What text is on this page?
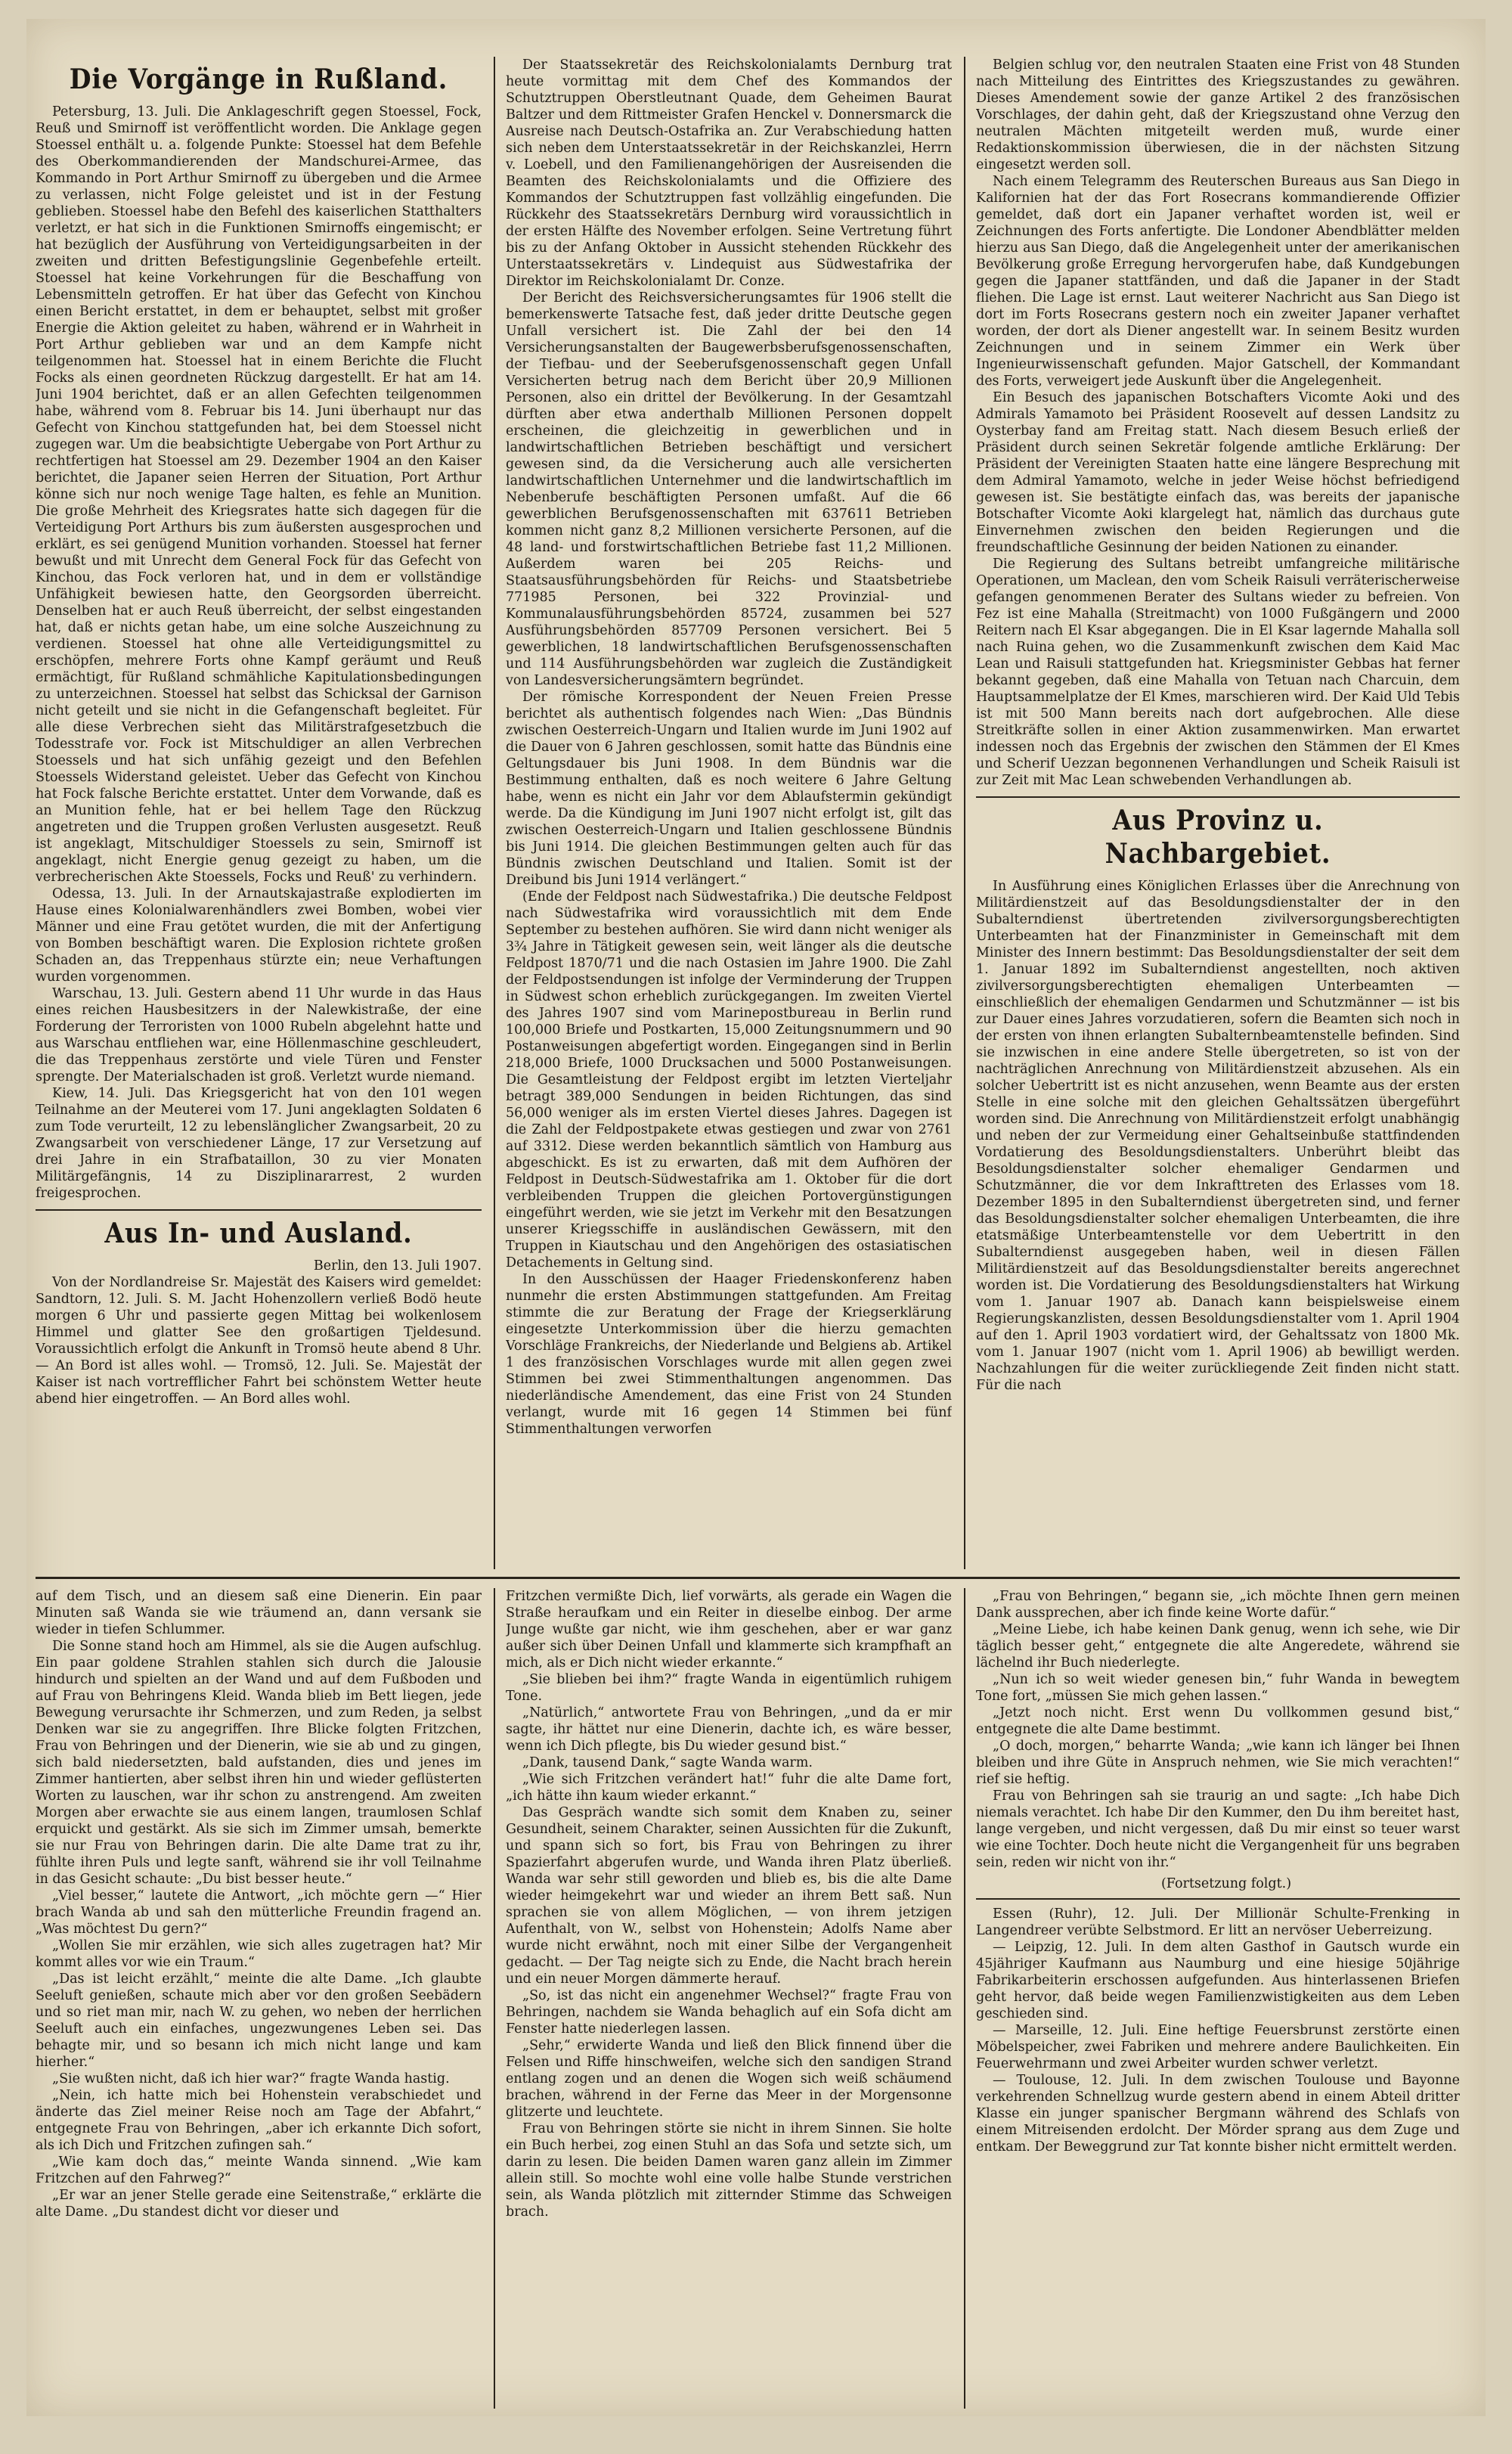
Die Vorgänge in Rußland.

Petersburg, 13. Juli. Die Anklageschrift gegen Stoessel, Fock, Reuß und Smirnoff ist veröffentlicht worden. Die Anklage gegen Stoessel enthält u. a. folgende Punkte: Stoessel hat dem Befehle des Oberkommandierenden der Mandschurei-Armee, das Kommando in Port Arthur Smirnoff zu übergeben und die Armee zu verlassen, nicht Folge geleistet und ist in der Festung geblieben. Stoessel habe den Befehl des kaiserlichen Statthalters verletzt, er hat sich in die Funktionen Smirnoffs eingemischt; er hat bezüglich der Ausführung von Verteidigungsarbeiten in der zweiten und dritten Befestigungslinie Gegenbefehle erteilt. Stoessel hat keine Vorkehrungen für die Beschaffung von Lebensmitteln getroffen. Er hat über das Gefecht von Kinchou einen Bericht erstattet, in dem er behauptet, selbst mit großer Energie die Aktion geleitet zu haben, während er in Wahrheit in Port Arthur geblieben war und an dem Kampfe nicht teilgenommen hat. Stoessel hat in einem Berichte die Flucht Focks als einen geordneten Rückzug dargestellt. Er hat am 14. Juni 1904 berichtet, daß er an allen Gefechten teilgenommen habe, während vom 8. Februar bis 14. Juni überhaupt nur das Gefecht von Kinchou stattgefunden hat, bei dem Stoessel nicht zugegen war. Um die beabsichtigte Uebergabe von Port Arthur zu rechtfertigen hat Stoessel am 29. Dezember 1904 an den Kaiser berichtet, die Japaner seien Herren der Situation, Port Arthur könne sich nur noch wenige Tage halten, es fehle an Munition. Die große Mehrheit des Kriegsrates hatte sich dagegen für die Verteidigung Port Arthurs bis zum äußersten ausgesprochen und erklärt, es sei genügend Munition vorhanden. Stoessel hat ferner bewußt und mit Unrecht dem General Fock für das Gefecht von Kinchou, das Fock verloren hat, und in dem er vollständige Unfähigkeit bewiesen hatte, den Georgsorden überreicht. Denselben hat er auch Reuß überreicht, der selbst eingestanden hat, daß er nichts getan habe, um eine solche Auszeichnung zu verdienen. Stoessel hat ohne alle Verteidigungsmittel zu erschöpfen, mehrere Forts ohne Kampf geräumt und Reuß ermächtigt, für Rußland schmähliche Kapitulationsbedingungen zu unterzeichnen. Stoessel hat selbst das Schicksal der Garnison nicht geteilt und sie nicht in die Gefangenschaft begleitet. Für alle diese Verbrechen sieht das Militärstrafgesetzbuch die Todesstrafe vor. Fock ist Mitschuldiger an allen Verbrechen Stoessels und hat sich unfähig gezeigt und den Befehlen Stoessels Widerstand geleistet. Ueber das Gefecht von Kinchou hat Fock falsche Berichte erstattet. Unter dem Vorwande, daß es an Munition fehle, hat er bei hellem Tage den Rückzug angetreten und die Truppen großen Verlusten ausgesetzt. Reuß ist angeklagt, Mitschuldiger Stoessels zu sein, Smirnoff ist angeklagt, nicht Energie genug gezeigt zu haben, um die verbrecherischen Akte Stoessels, Focks und Reuß' zu verhindern.

Odessa, 13. Juli. In der Arnautskajastraße explodierten im Hause eines Kolonialwarenhändlers zwei Bomben, wobei vier Männer und eine Frau getötet wurden, die mit der Anfertigung von Bomben beschäftigt waren. Die Explosion richtete großen Schaden an, das Treppenhaus stürzte ein; neue Verhaftungen wurden vorgenommen.

Warschau, 13. Juli. Gestern abend 11 Uhr wurde in das Haus eines reichen Hausbesitzers in der Nalewkistraße, der eine Forderung der Terroristen von 1000 Rubeln abgelehnt hatte und aus Warschau entfliehen war, eine Höllenmaschine geschleudert, die das Treppenhaus zerstörte und viele Türen und Fenster sprengte. Der Materialschaden ist groß. Verletzt wurde niemand.

Kiew, 14. Juli. Das Kriegsgericht hat von den 101 wegen Teilnahme an der Meuterei vom 17. Juni angeklagten Soldaten 6 zum Tode verurteilt, 12 zu lebenslänglicher Zwangsarbeit, 20 zu Zwangsarbeit von verschiedener Länge, 17 zur Versetzung auf drei Jahre in ein Strafbataillon, 30 zu vier Monaten Militärgefängnis, 14 zu Disziplinararrest, 2 wurden freigesprochen.

Aus In- und Ausland.

Berlin, den 13. Juli 1907.

Von der Nordlandreise Sr. Majestät des Kaisers wird gemeldet: Sandtorn, 12. Juli. S. M. Jacht Hohenzollern verließ Bodö heute morgen 6 Uhr und passierte gegen Mittag bei wolkenlosem Himmel und glatter See den großartigen Tjeldesund. Voraussichtlich erfolgt die Ankunft in Tromsö heute abend 8 Uhr. — An Bord ist alles wohl. — Tromsö, 12. Juli. Se. Majestät der Kaiser ist nach vortrefflicher Fahrt bei schönstem Wetter heute abend hier eingetroffen. — An Bord alles wohl.

Der Staatssekretär des Reichskolonialamts Dernburg trat heute vormittag mit dem Chef des Kommandos der Schutztruppen Oberstleutnant Quade, dem Geheimen Baurat Baltzer und dem Rittmeister Grafen Henckel v. Donnersmarck die Ausreise nach Deutsch-Ostafrika an. Zur Verabschiedung hatten sich neben dem Unterstaatssekretär in der Reichskanzlei, Herrn v. Loebell, und den Familienangehörigen der Ausreisenden die Beamten des Reichskolonialamts und die Offiziere des Kommandos der Schutztruppen fast vollzählig eingefunden. Die Rückkehr des Staatssekretärs Dernburg wird voraussichtlich in der ersten Hälfte des November erfolgen. Seine Vertretung führt bis zu der Anfang Oktober in Aussicht stehenden Rückkehr des Unterstaatssekretärs v. Lindequist aus Südwestafrika der Direktor im Reichskolonialamt Dr. Conze.

Der Bericht des Reichsversicherungsamtes für 1906 stellt die bemerkenswerte Tatsache fest, daß jeder dritte Deutsche gegen Unfall versichert ist. Die Zahl der bei den 14 Versicherungsanstalten der Baugewerbsberufsgenossenschaften, der Tiefbau- und der Seeberufsgenossenschaft gegen Unfall Versicherten betrug nach dem Bericht über 20,9 Millionen Personen, also ein drittel der Bevölkerung. In der Gesamtzahl dürften aber etwa anderthalb Millionen Personen doppelt erscheinen, die gleichzeitig in gewerblichen und in landwirtschaftlichen Betrieben beschäftigt und versichert gewesen sind, da die Versicherung auch alle versicherten landwirtschaftlichen Unternehmer und die landwirtschaftlich im Nebenberufe beschäftigten Personen umfaßt. Auf die 66 gewerblichen Berufsgenossenschaften mit 637611 Betrieben kommen nicht ganz 8,2 Millionen versicherte Personen, auf die 48 land- und forstwirtschaftlichen Betriebe fast 11,2 Millionen. Außerdem waren bei 205 Reichs- und Staatsausführungsbehörden für Reichs- und Staatsbetriebe 771985 Personen, bei 322 Provinzial- und Kommunalausführungsbehörden 85724, zusammen bei 527 Ausführungsbehörden 857709 Personen versichert. Bei 5 gewerblichen, 18 landwirtschaftlichen Berufsgenossenschaften und 114 Ausführungsbehörden war zugleich die Zuständigkeit von Landesversicherungsämtern begründet.

Der römische Korrespondent der Neuen Freien Presse berichtet als authentisch folgendes nach Wien: „Das Bündnis zwischen Oesterreich-Ungarn und Italien wurde im Juni 1902 auf die Dauer von 6 Jahren geschlossen, somit hatte das Bündnis eine Geltungsdauer bis Juni 1908. In dem Bündnis war die Bestimmung enthalten, daß es noch weitere 6 Jahre Geltung habe, wenn es nicht ein Jahr vor dem Ablaufstermin gekündigt werde. Da die Kündigung im Juni 1907 nicht erfolgt ist, gilt das zwischen Oesterreich-Ungarn und Italien geschlossene Bündnis bis Juni 1914. Die gleichen Bestimmungen gelten auch für das Bündnis zwischen Deutschland und Italien. Somit ist der Dreibund bis Juni 1914 verlängert.“

(Ende der Feldpost nach Südwestafrika.) Die deutsche Feldpost nach Südwestafrika wird voraussichtlich mit dem Ende September zu bestehen aufhören. Sie wird dann nicht weniger als 3¾ Jahre in Tätigkeit gewesen sein, weit länger als die deutsche Feldpost 1870/71 und die nach Ostasien im Jahre 1900. Die Zahl der Feldpostsendungen ist infolge der Verminderung der Truppen in Südwest schon erheblich zurückgegangen. Im zweiten Viertel des Jahres 1907 sind vom Marinepostbureau in Berlin rund 100,000 Briefe und Postkarten, 15,000 Zeitungsnummern und 90 Postanweisungen abgefertigt worden. Eingegangen sind in Berlin 218,000 Briefe, 1000 Drucksachen und 5000 Postanweisungen. Die Gesamtleistung der Feldpost ergibt im letzten Vierteljahr betragt 389,000 Sendungen in beiden Richtungen, das sind 56,000 weniger als im ersten Viertel dieses Jahres. Dagegen ist die Zahl der Feldpostpakete etwas gestiegen und zwar von 2761 auf 3312. Diese werden bekanntlich sämtlich von Hamburg aus abgeschickt. Es ist zu erwarten, daß mit dem Aufhören der Feldpost in Deutsch-Südwestafrika am 1. Oktober für die dort verbleibenden Truppen die gleichen Portovergünstigungen eingeführt werden, wie sie jetzt im Verkehr mit den Besatzungen unserer Kriegsschiffe in ausländischen Gewässern, mit den Truppen in Kiautschau und den Angehörigen des ostasiatischen Detachements in Geltung sind.

In den Ausschüssen der Haager Friedenskonferenz haben nunmehr die ersten Abstimmungen stattgefunden. Am Freitag stimmte die zur Beratung der Frage der Kriegserklärung eingesetzte Unterkommission über die hierzu gemachten Vorschläge Frankreichs, der Niederlande und Belgiens ab. Artikel 1 des französischen Vorschlages wurde mit allen gegen zwei Stimmen bei zwei Stimmenthaltungen angenommen. Das niederländische Amendement, das eine Frist von 24 Stunden verlangt, wurde mit 16 gegen 14 Stimmen bei fünf Stimmenthaltungen verworfen

Belgien schlug vor, den neutralen Staaten eine Frist von 48 Stunden nach Mitteilung des Eintrittes des Kriegszustandes zu gewähren. Dieses Amendement sowie der ganze Artikel 2 des französischen Vorschlages, der dahin geht, daß der Kriegszustand ohne Verzug den neutralen Mächten mitgeteilt werden muß, wurde einer Redaktionskommission überwiesen, die in der nächsten Sitzung eingesetzt werden soll.

Nach einem Telegramm des Reuterschen Bureaus aus San Diego in Kalifornien hat der das Fort Rosecrans kommandierende Offizier gemeldet, daß dort ein Japaner verhaftet worden ist, weil er Zeichnungen des Forts anfertigte. Die Londoner Abendblätter melden hierzu aus San Diego, daß die Angelegenheit unter der amerikanischen Bevölkerung große Erregung hervorgerufen habe, daß Kundgebungen gegen die Japaner stattfänden, und daß die Japaner in der Stadt fliehen. Die Lage ist ernst. Laut weiterer Nachricht aus San Diego ist dort im Forts Rosecrans gestern noch ein zweiter Japaner verhaftet worden, der dort als Diener angestellt war. In seinem Besitz wurden Zeichnungen und in seinem Zimmer ein Werk über Ingenieurwissenschaft gefunden. Major Gatschell, der Kommandant des Forts, verweigert jede Auskunft über die Angelegenheit.

Ein Besuch des japanischen Botschafters Vicomte Aoki und des Admirals Yamamoto bei Präsident Roosevelt auf dessen Landsitz zu Oysterbay fand am Freitag statt. Nach diesem Besuch erließ der Präsident durch seinen Sekretär folgende amtliche Erklärung: Der Präsident der Vereinigten Staaten hatte eine längere Besprechung mit dem Admiral Yamamoto, welche in jeder Weise höchst befriedigend gewesen ist. Sie bestätigte einfach das, was bereits der japanische Botschafter Vicomte Aoki klargelegt hat, nämlich das durchaus gute Einvernehmen zwischen den beiden Regierungen und die freundschaftliche Gesinnung der beiden Nationen zu einander.

Die Regierung des Sultans betreibt umfangreiche militärische Operationen, um Maclean, den vom Scheik Raisuli verräterischerweise gefangen genommenen Berater des Sultans wieder zu befreien. Von Fez ist eine Mahalla (Streitmacht) von 1000 Fußgängern und 2000 Reitern nach El Ksar abgegangen. Die in El Ksar lagernde Mahalla soll nach Ruina gehen, wo die Zusammenkunft zwischen dem Kaid Mac Lean und Raisuli stattgefunden hat. Kriegsminister Gebbas hat ferner bekannt gegeben, daß eine Mahalla von Tetuan nach Charcuin, dem Hauptsammelplatze der El Kmes, marschieren wird. Der Kaid Uld Tebis ist mit 500 Mann bereits nach dort aufgebrochen. Alle diese Streitkräfte sollen in einer Aktion zusammenwirken. Man erwartet indessen noch das Ergebnis der zwischen den Stämmen der El Kmes und Scherif Uezzan begonnenen Verhandlungen und Scheik Raisuli ist zur Zeit mit Mac Lean schwebenden Verhandlungen ab.

Aus Provinz u. Nachbargebiet.

In Ausführung eines Königlichen Erlasses über die Anrechnung von Militärdienstzeit auf das Besoldungsdienstalter der in den Subalterndienst übertretenden zivilversorgungsberechtigten Unterbeamten hat der Finanzminister in Gemeinschaft mit dem Minister des Innern bestimmt: Das Besoldungsdienstalter der seit dem 1. Januar 1892 im Subalterndienst angestellten, noch aktiven zivilversorgungsberechtigten ehemaligen Unterbeamten — einschließlich der ehemaligen Gendarmen und Schutzmänner — ist bis zur Dauer eines Jahres vorzudatieren, sofern die Beamten sich noch in der ersten von ihnen erlangten Subalternbeamtenstelle befinden. Sind sie inzwischen in eine andere Stelle übergetreten, so ist von der nachträglichen Anrechnung von Militärdienstzeit abzusehen. Als ein solcher Uebertritt ist es nicht anzusehen, wenn Beamte aus der ersten Stelle in eine solche mit den gleichen Gehaltssätzen übergeführt worden sind. Die Anrechnung von Militärdienstzeit erfolgt unabhängig und neben der zur Vermeidung einer Gehaltseinbuße stattfindenden Vordatierung des Besoldungsdienstalters. Unberührt bleibt das Besoldungsdienstalter solcher ehemaliger Gendarmen und Schutzmänner, die vor dem Inkrafttreten des Erlasses vom 18. Dezember 1895 in den Subalterndienst übergetreten sind, und ferner das Besoldungsdienstalter solcher ehemaligen Unterbeamten, die ihre etatsmäßige Unterbeamtenstelle vor dem Uebertritt in den Subalterndienst ausgegeben haben, weil in diesen Fällen Militärdienstzeit auf das Besoldungsdienstalter bereits angerechnet worden ist. Die Vordatierung des Besoldungsdienstalters hat Wirkung vom 1. Januar 1907 ab. Danach kann beispielsweise einem Regierungskanzlisten, dessen Besoldungsdienstalter vom 1. April 1904 auf den 1. April 1903 vordatiert wird, der Gehaltssatz von 1800 Mk. vom 1. Januar 1907 (nicht vom 1. April 1906) ab bewilligt werden. Nachzahlungen für die weiter zurückliegende Zeit finden nicht statt. Für die nach

auf dem Tisch, und an diesem saß eine Dienerin. Ein paar Minuten saß Wanda sie wie träumend an, dann versank sie wieder in tiefen Schlummer.

Die Sonne stand hoch am Himmel, als sie die Augen aufschlug. Ein paar goldene Strahlen stahlen sich durch die Jalousie hindurch und spielten an der Wand und auf dem Fußboden und auf Frau von Behringens Kleid. Wanda blieb im Bett liegen, jede Bewegung verursachte ihr Schmerzen, und zum Reden, ja selbst Denken war sie zu angegriffen. Ihre Blicke folgten Fritzchen, Frau von Behringen und der Dienerin, wie sie ab und zu gingen, sich bald niedersetzten, bald aufstanden, dies und jenes im Zimmer hantierten, aber selbst ihren hin und wieder geflüsterten Worten zu lauschen, war ihr schon zu anstrengend. Am zweiten Morgen aber erwachte sie aus einem langen, traumlosen Schlaf erquickt und gestärkt. Als sie sich im Zimmer umsah, bemerkte sie nur Frau von Behringen darin. Die alte Dame trat zu ihr, fühlte ihren Puls und legte sanft, während sie ihr voll Teilnahme in das Gesicht schaute: „Du bist besser heute.“

„Viel besser,“ lautete die Antwort, „ich möchte gern —“ Hier brach Wanda ab und sah den mütterliche Freundin fragend an. „Was möchtest Du gern?“

„Wollen Sie mir erzählen, wie sich alles zugetragen hat? Mir kommt alles vor wie ein Traum.“

„Das ist leicht erzählt,“ meinte die alte Dame. „Ich glaubte Seeluft genießen, schaute mich aber vor den großen Seebädern und so riet man mir, nach W. zu gehen, wo neben der herrlichen Seeluft auch ein einfaches, ungezwungenes Leben sei. Das behagte mir, und so besann ich mich nicht lange und kam hierher.“

„Sie wußten nicht, daß ich hier war?“ fragte Wanda hastig.

„Nein, ich hatte mich bei Hohenstein verabschiedet und änderte das Ziel meiner Reise noch am Tage der Abfahrt,“ entgegnete Frau von Behringen, „aber ich erkannte Dich sofort, als ich Dich und Fritzchen zufingen sah.“

„Wie kam doch das,“ meinte Wanda sinnend. „Wie kam Fritzchen auf den Fahrweg?“

„Er war an jener Stelle gerade eine Seitenstraße,“ erklärte die alte Dame. „Du standest dicht vor dieser und

Fritzchen vermißte Dich, lief vorwärts, als gerade ein Wagen die Straße heraufkam und ein Reiter in dieselbe einbog. Der arme Junge wußte gar nicht, wie ihm geschehen, aber er war ganz außer sich über Deinen Unfall und klammerte sich krampfhaft an mich, als er Dich nicht wieder erkannte.“

„Sie blieben bei ihm?“ fragte Wanda in eigentümlich ruhigem Tone.

„Natürlich,“ antwortete Frau von Behringen, „und da er mir sagte, ihr hättet nur eine Dienerin, dachte ich, es wäre besser, wenn ich Dich pflegte, bis Du wieder gesund bist.“

„Dank, tausend Dank,“ sagte Wanda warm.

„Wie sich Fritzchen verändert hat!“ fuhr die alte Dame fort, „ich hätte ihn kaum wieder erkannt.“

Das Gespräch wandte sich somit dem Knaben zu, seiner Gesundheit, seinem Charakter, seinen Aussichten für die Zukunft, und spann sich so fort, bis Frau von Behringen zu ihrer Spazierfahrt abgerufen wurde, und Wanda ihren Platz überließ. Wanda war sehr still geworden und blieb es, bis die alte Dame wieder heimgekehrt war und wieder an ihrem Bett saß. Nun sprachen sie von allem Möglichen, — von ihrem jetzigen Aufenthalt, von W., selbst von Hohenstein; Adolfs Name aber wurde nicht erwähnt, noch mit einer Silbe der Vergangenheit gedacht. — Der Tag neigte sich zu Ende, die Nacht brach herein und ein neuer Morgen dämmerte herauf.

„So, ist das nicht ein angenehmer Wechsel?“ fragte Frau von Behringen, nachdem sie Wanda behaglich auf ein Sofa dicht am Fenster hatte niederlegen lassen.

„Sehr,“ erwiderte Wanda und ließ den Blick finnend über die Felsen und Riffe hinschweifen, welche sich den sandigen Strand entlang zogen und an denen die Wogen sich weiß schäumend brachen, während in der Ferne das Meer in der Morgensonne glitzerte und leuchtete.

Frau von Behringen störte sie nicht in ihrem Sinnen. Sie holte ein Buch herbei, zog einen Stuhl an das Sofa und setzte sich, um darin zu lesen. Die beiden Damen waren ganz allein im Zimmer allein still. So mochte wohl eine volle halbe Stunde verstrichen sein, als Wanda plötzlich mit zitternder Stimme das Schweigen brach.

„Frau von Behringen,“ begann sie, „ich möchte Ihnen gern meinen Dank aussprechen, aber ich finde keine Worte dafür.“

„Meine Liebe, ich habe keinen Dank genug, wenn ich sehe, wie Dir täglich besser geht,“ entgegnete die alte Angeredete, während sie lächelnd ihr Buch niederlegte.

„Nun ich so weit wieder genesen bin,“ fuhr Wanda in bewegtem Tone fort, „müssen Sie mich gehen lassen.“

„Jetzt noch nicht. Erst wenn Du vollkommen gesund bist,“ entgegnete die alte Dame bestimmt.

„O doch, morgen,“ beharrte Wanda; „wie kann ich länger bei Ihnen bleiben und ihre Güte in Anspruch nehmen, wie Sie mich verachten!“ rief sie heftig.

Frau von Behringen sah sie traurig an und sagte: „Ich habe Dich niemals verachtet. Ich habe Dir den Kummer, den Du ihm bereitet hast, lange vergeben, und nicht vergessen, daß Du mir einst so teuer warst wie eine Tochter. Doch heute nicht die Vergangenheit für uns begraben sein, reden wir nicht von ihr.“

(Fortsetzung folgt.)

Essen (Ruhr), 12. Juli. Der Millionär Schulte-Frenking in Langendreer verübte Selbstmord. Er litt an nervöser Ueberreizung.

— Leipzig, 12. Juli. In dem alten Gasthof in Gautsch wurde ein 45jähriger Kaufmann aus Naumburg und eine hiesige 50jährige Fabrikarbeiterin erschossen aufgefunden. Aus hinterlassenen Briefen geht hervor, daß beide wegen Familienzwistigkeiten aus dem Leben geschieden sind.

— Marseille, 12. Juli. Eine heftige Feuersbrunst zerstörte einen Möbelspeicher, zwei Fabriken und mehrere andere Baulichkeiten. Ein Feuerwehrmann und zwei Arbeiter wurden schwer verletzt.

— Toulouse, 12. Juli. In dem zwischen Toulouse und Bayonne verkehrenden Schnellzug wurde gestern abend in einem Abteil dritter Klasse ein junger spanischer Bergmann während des Schlafs von einem Mitreisenden erdolcht. Der Mörder sprang aus dem Zuge und entkam. Der Beweggrund zur Tat konnte bisher nicht ermittelt werden.
